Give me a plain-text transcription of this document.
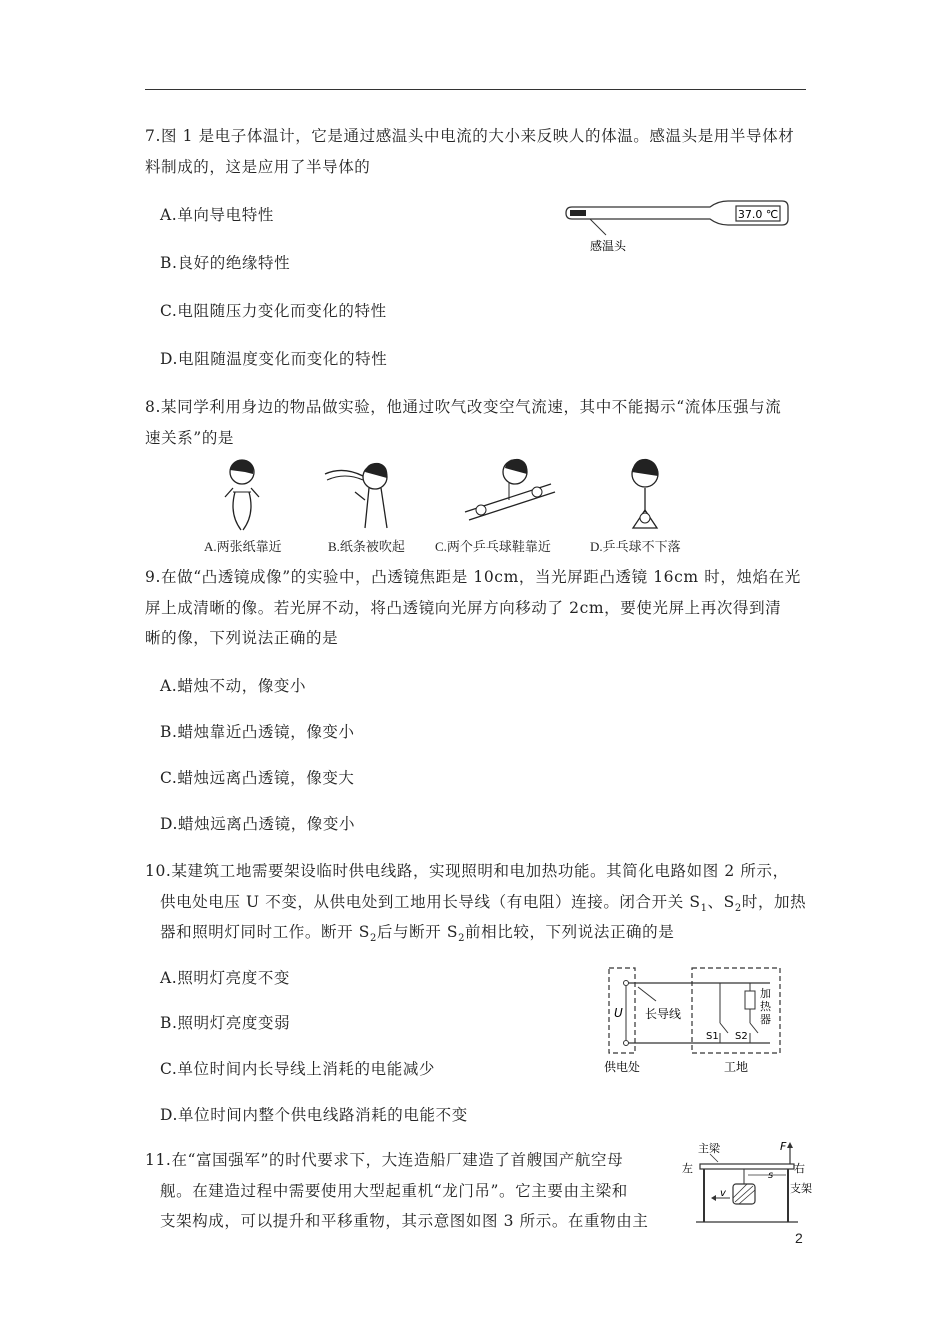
7.图 1 是电子体温计，它是通过感温头中电流的大小来反映人的体温。感温头是用半导体材
料制成的，这是应用了半导体的
A.单向导电特性
B.良好的绝缘特性
C.电阻随压力变化而变化的特性
D.电阻随温度变化而变化的特性
37.0 ℃
感温头
8.某同学利用身边的物品做实验，他通过吹气改变空气流速，其中不能揭示“流体压强与流
速关系”的是
A.两张纸靠近	B.纸条被吹起 C.两个乒乓球鞋靠近	D.乒乓球不下落
9.在做“凸透镜成像”的实验中，凸透镜焦距是 10cm，当光屏距凸透镜 16cm 时，烛焰在光
屏上成清晰的像。若光屏不动，将凸透镜向光屏方向移动了 2cm，要使光屏上再次得到清
晰的像，下列说法正确的是
A.蜡烛不动，像变小
B.蜡烛靠近凸透镜，像变小
C.蜡烛远离凸透镜，像变大
D.蜡烛远离凸透镜，像变小
10.某建筑工地需要架设临时供电线路，实现照明和电加热功能。其简化电路如图 2 所示，
供电处电压 U 不变，从供电处到工地用长导线（有电阻）连接。闭合开关 $S_1$、$S_2$时，加热
器和照明灯同时工作。断开 $S_2$后与断开 $S_2$前相比较，下列说法正确的是
A.照明灯亮度不变
B.照明灯亮度变弱
C.单位时间内长导线上消耗的电能减少
D.单位时间内整个供电线路消耗的电能不变
U 长导线
S1 S2
加
热
器
供电处	工地
11.在“富国强军”的时代要求下，大连造船厂建造了首艘国产航空母
舰。在建造过程中需要使用大型起重机“龙门吊”。它主要由主梁和
支架构成，可以提升和平移重物，其示意图如图 3 所示。在重物由主
主梁	F
左	右
s
v	支架
2
